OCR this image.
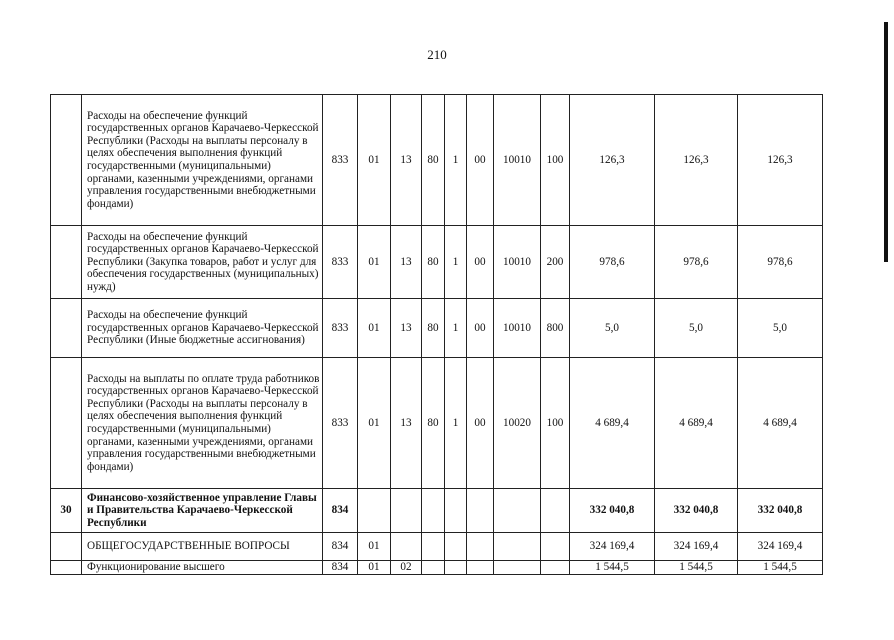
210
	Расходы на обеспечение функций государственных органов Карачаево-Черкесской Республики (Расходы на выплаты персоналу в целях обеспечения выполнения функций государственными (муниципальными) органами, казенными учреждениями, органами управления государственными внебюджетными фондами)	833	01	13	80	1	00	10010	100	126,3	126,3	126,3
	Расходы на обеспечение функций государственных органов Карачаево-Черкесской Республики (Закупка товаров, работ и услуг для обеспечения государственных (муниципальных) нужд)	833	01	13	80	1	00	10010	200	978,6	978,6	978,6
	Расходы на обеспечение функций государственных органов Карачаево-Черкесской Республики (Иные бюджетные ассигнования)	833	01	13	80	1	00	10010	800	5,0	5,0	5,0
	Расходы на выплаты по оплате труда работников государственных органов Карачаево-Черкесской Республики (Расходы на выплаты персоналу в целях обеспечения выполнения функций государственными (муниципальными) органами, казенными учреждениями, органами управления государственными внебюджетными фондами)	833	01	13	80	1	00	10020	100	4 689,4	4 689,4	4 689,4
30	Финансово-хозяйственное управление Главы и Правительства Карачаево-Черкесской Республики	834								332 040,8	332 040,8	332 040,8
	ОБЩЕГОСУДАРСТВЕННЫЕ ВОПРОСЫ	834	01							324 169,4	324 169,4	324 169,4
	Функционирование высшего	834	01	02						1 544,5	1 544,5	1 544,5
